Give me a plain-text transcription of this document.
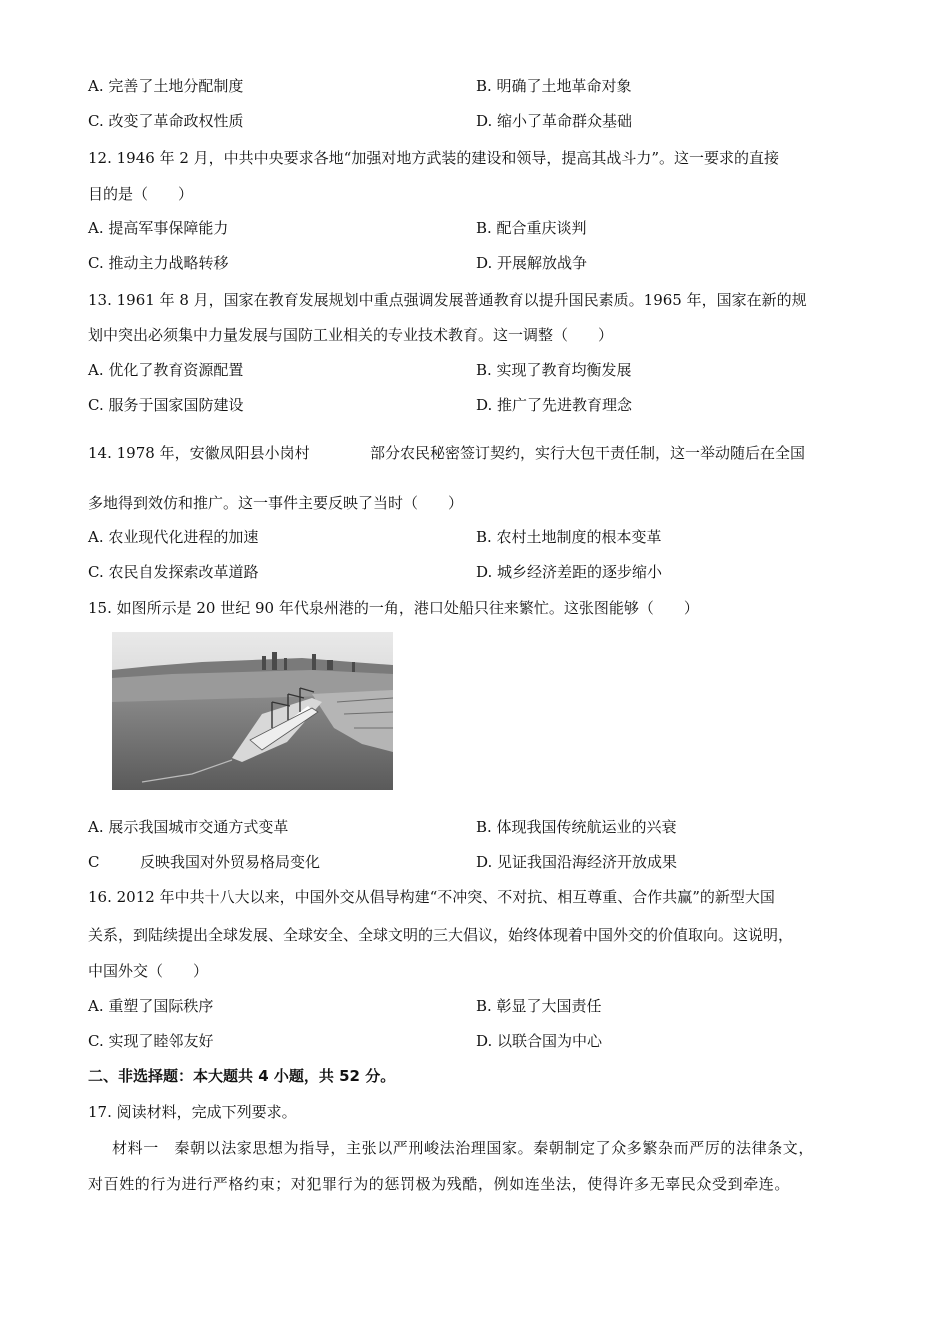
A. 完善了土地分配制度	B. 明确了土地革命对象
C. 改变了革命政权性质	D. 缩小了革命群众基础
12. 1946 年 2 月，中共中央要求各地“加强对地方武装的建设和领导，提高其战斗力”。这一要求的直接
目的是（　　）
A. 提高军事保障能力	B. 配合重庆谈判
C. 推动主力战略转移	D. 开展解放战争
13. 1961 年 8 月，国家在教育发展规划中重点强调发展普通教育以提升国民素质。1965 年，国家在新的规
划中突出必须集中力量发展与国防工业相关的专业技术教育。这一调整（　　）
A. 优化了教育资源配置	B. 实现了教育均衡发展
C. 服务于国家国防建设	D. 推广了先进教育理念
14. 1978 年，安徽凤阳县小岗村	部分农民秘密签订契约，实行大包干责任制，这一举动随后在全国
多地得到效仿和推广。这一事件主要反映了当时（　　）
A. 农业现代化进程的加速	B. 农村土地制度的根本变革
C. 农民自发探索改革道路	D. 城乡经济差距的逐步缩小
15. 如图所示是 20 世纪 90 年代泉州港的一角，港口处船只往来繁忙。这张图能够（　　）
A. 展示我国城市交通方式变革	B. 体现我国传统航运业的兴衰
C	反映我国对外贸易格局变化	D. 见证我国沿海经济开放成果
16. 2012 年中共十八大以来，中国外交从倡导构建“不冲突、不对抗、相互尊重、合作共赢”的新型大国
关系，到陆续提出全球发展、全球安全、全球文明的三大倡议，始终体现着中国外交的价值取向。这说明，
中国外交（　　）
A. 重塑了国际秩序	B. 彰显了大国责任
C. 实现了睦邻友好	D. 以联合国为中心
二、非选择题：本大题共 4 小题，共 52 分。
17. 阅读材料，完成下列要求。
材料一　秦朝以法家思想为指导，主张以严刑峻法治理国家。秦朝制定了众多繁杂而严厉的法律条文，
对百姓的行为进行严格约束；对犯罪行为的惩罚极为残酷，例如连坐法，使得许多无辜民众受到牵连。
